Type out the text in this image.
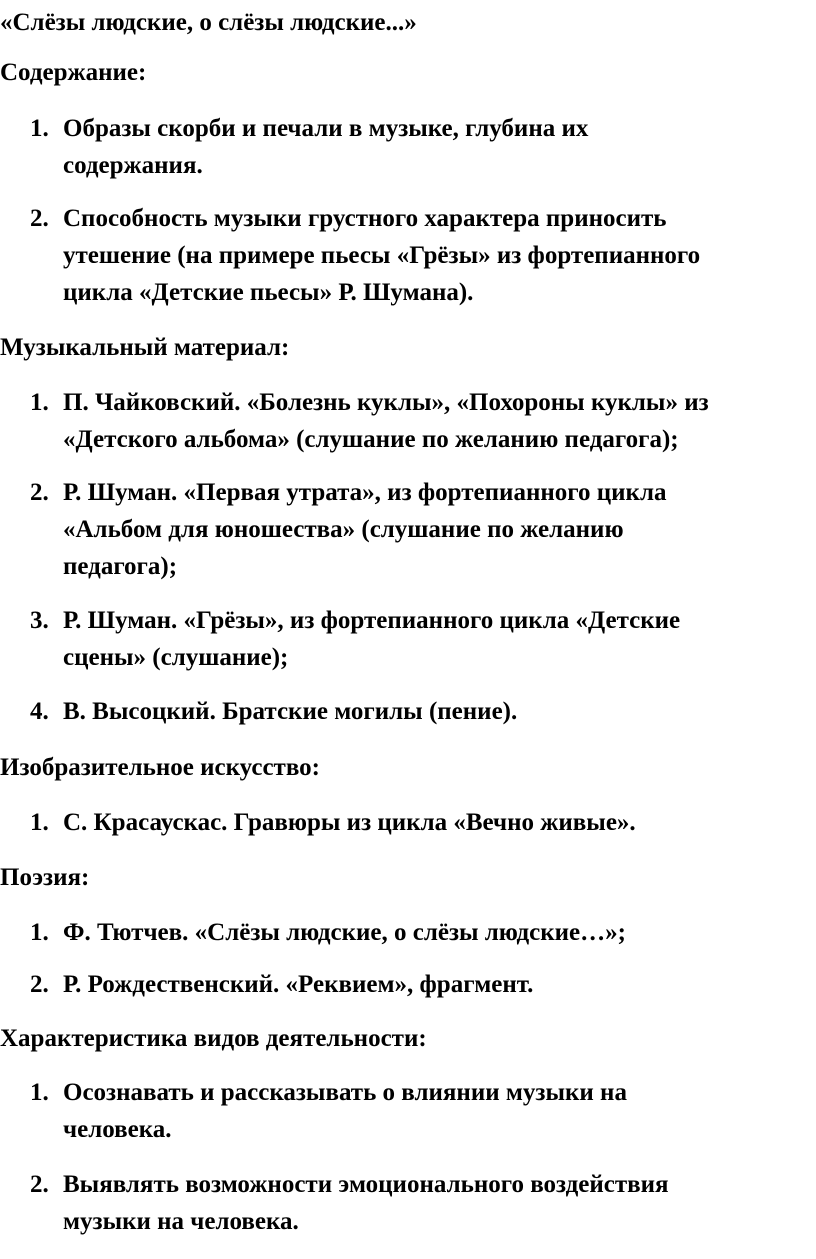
«Слёзы людские, о слёзы людские...»
Содержание:
1. Образы скорби и печали в музыке, глубина их
содержания.
2. Способность музыки грустного характера приносить
утешение (на примере пьесы «Грёзы» из фортепианного
цикла «Детские пьесы» Р. Шумана).
Музыкальный материал:
1. П. Чайковский. «Болезнь куклы», «Похороны куклы» из
«Детского альбома» (слушание по желанию педагога);
2. Р. Шуман. «Первая утрата», из фортепианного цикла
«Альбом для юношества» (слушание по желанию
педагога);
3. Р. Шуман. «Грёзы», из фортепианного цикла «Детские
сцены» (слушание);
4. В. Высоцкий. Братские могилы (пение).
Изобразительное искусство:
1. С. Красаускас. Гравюры из цикла «Вечно живые».
Поэзия:
1. Ф. Тютчев. «Слёзы людские, о слёзы людские…»;
2. Р. Рождественский. «Реквием», фрагмент.
Характеристика видов деятельности:
1. Осознавать и рассказывать о влиянии музыки на
человека.
2. Выявлять возможности эмоционального воздействия
музыки на человека.
